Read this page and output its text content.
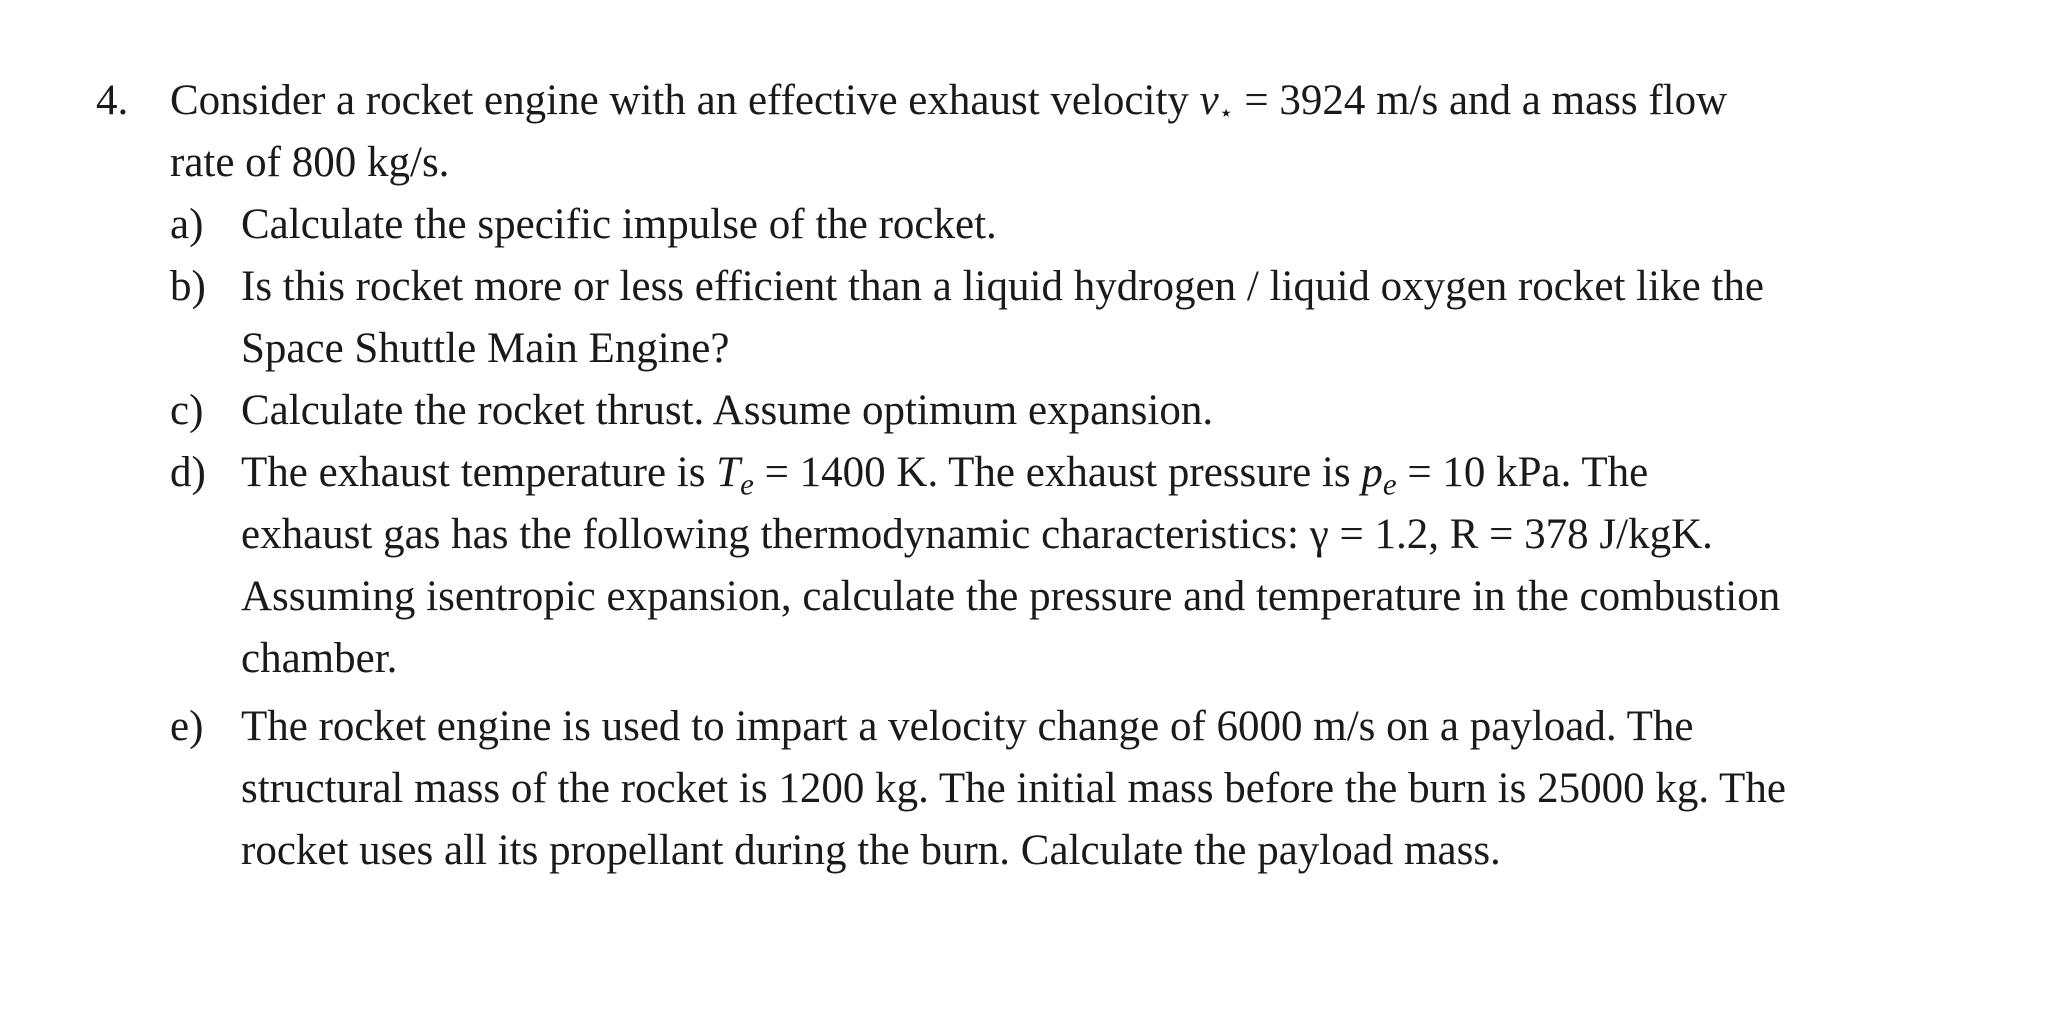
4. Consider a rocket engine with an effective exhaust velocity $v_⋆ = 3924$ m/s and a mass flow
rate of 800 kg/s.
a) Calculate the specific impulse of the rocket.
b) Is this rocket more or less efficient than a liquid hydrogen / liquid oxygen rocket like the
Space Shuttle Main Engine?
c) Calculate the rocket thrust. Assume optimum expansion.
d) The exhaust temperature is $T_e = 1400$ K. The exhaust pressure is $p_e = 10$ kPa. The
exhaust gas has the following thermodynamic characteristics: γ = 1.2, R = 378 J/kgK.
Assuming isentropic expansion, calculate the pressure and temperature in the combustion
chamber.
e) The rocket engine is used to impart a velocity change of 6000 m/s on a payload. The
structural mass of the rocket is 1200 kg. The initial mass before the burn is 25000 kg. The
rocket uses all its propellant during the burn. Calculate the payload mass.
